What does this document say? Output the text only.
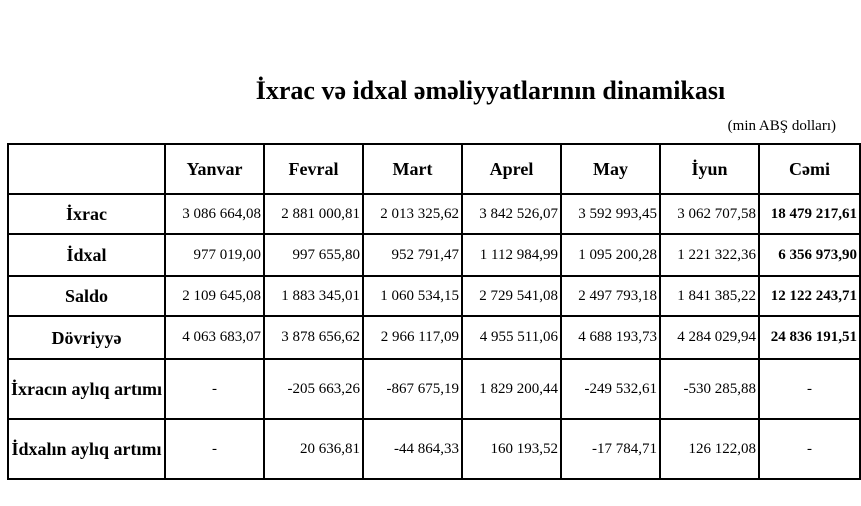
İxrac və idxal əməliyyatlarının dinamikası
(min ABŞ dolları)
	Yanvar	Fevral	Mart	Aprel	May	İyun	Cəmi
İxrac	3 086 664,08	2 881 000,81	2 013 325,62	3 842 526,07	3 592 993,45	3 062 707,58	18 479 217,61
İdxal	977 019,00	997 655,80	952 791,47	1 112 984,99	1 095 200,28	1 221 322,36	6 356 973,90
Saldo	2 109 645,08	1 883 345,01	1 060 534,15	2 729 541,08	2 497 793,18	1 841 385,22	12 122 243,71
Dövriyyə	4 063 683,07	3 878 656,62	2 966 117,09	4 955 511,06	4 688 193,73	4 284 029,94	24 836 191,51
İxracın aylıq artımı	-	-205 663,26	-867 675,19	1 829 200,44	-249 532,61	-530 285,88	-
İdxalın aylıq artımı	-	20 636,81	-44 864,33	160 193,52	-17 784,71	126 122,08	-
